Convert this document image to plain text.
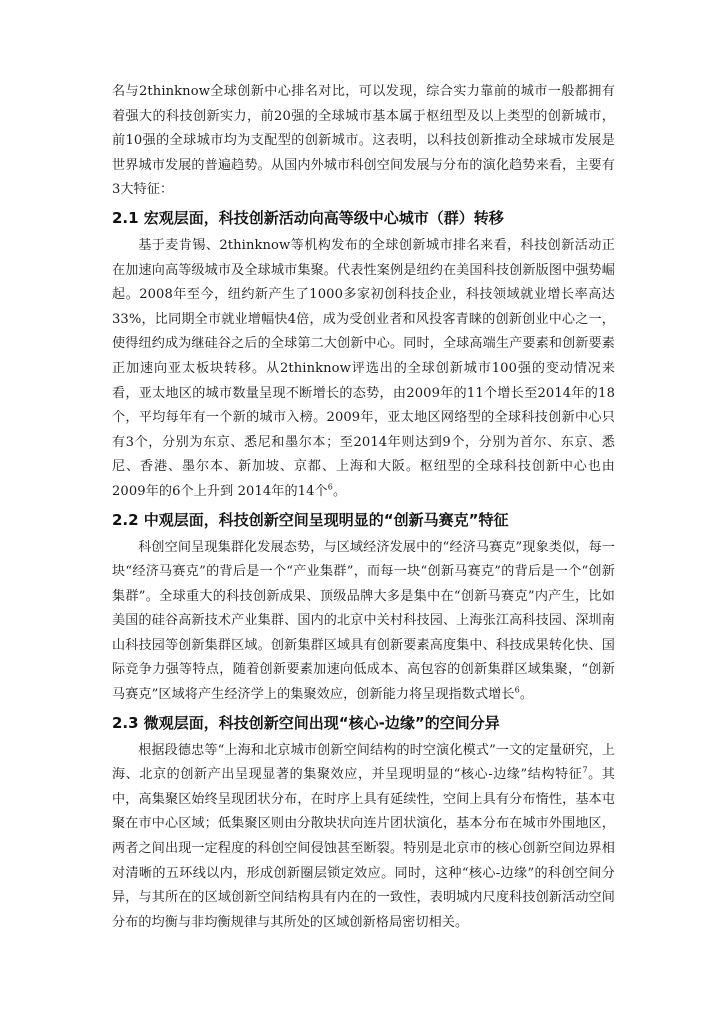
名与2thinknow全球创新中心排名对比，可以发现，综合实力靠前的城市一般都拥有着强大的科技创新实力，前20强的全球城市基本属于枢纽型及以上类型的创新城市，前10强的全球城市均为支配型的创新城市。这表明，以科技创新推动全球城市发展是世界城市发展的普遍趋势。从国内外城市科创空间发展与分布的演化趋势来看，主要有3大特征：

2.1 宏观层面，科技创新活动向高等级中心城市（群）转移

基于麦肯锡、2thinknow等机构发布的全球创新城市排名来看，科技创新活动正在加速向高等级城市及全球城市集聚。代表性案例是纽约在美国科技创新版图中强势崛起。2008年至今，纽约新产生了1000多家初创科技企业，科技领域就业增长率高达33%，比同期全市就业增幅快4倍，成为受创业者和风投客青睐的创新创业中心之一，使得纽约成为继硅谷之后的全球第二大创新中心。同时，全球高端生产要素和创新要素正加速向亚太板块转移。从2thinknow评选出的全球创新城市100强的变动情况来看，亚太地区的城市数量呈现不断增长的态势，由2009年的11个增长至2014年的18个，平均每年有一个新的城市入榜。2009年，亚太地区网络型的全球科技创新中心只有3个，分别为东京、悉尼和墨尔本；至2014年则达到9个，分别为首尔、东京、悉尼、香港、墨尔本、新加坡、京都、上海和大阪。枢纽型的全球科技创新中心也由2009年的6个上升到 2014年的14个$^6$。

2.2 中观层面，科技创新空间呈现明显的“创新马赛克”特征

科创空间呈现集群化发展态势，与区域经济发展中的“经济马赛克”现象类似，每一块“经济马赛克”的背后是一个“产业集群”，而每一块“创新马赛克”的背后是一个“创新集群”。全球重大的科技创新成果、顶级品牌大多是集中在“创新马赛克”内产生，比如美国的硅谷高新技术产业集群、国内的北京中关村科技园、上海张江高科技园、深圳南山科技园等创新集群区域。创新集群区域具有创新要素高度集中、科技成果转化快、国际竞争力强等特点，随着创新要素加速向低成本、高包容的创新集群区域集聚，“创新马赛克”区域将产生经济学上的集聚效应，创新能力将呈现指数式增长$^6$。

2.3 微观层面，科技创新空间出现“核心-边缘”的空间分异

根据段德忠等“上海和北京城市创新空间结构的时空演化模式”一文的定量研究，上海、北京的创新产出呈现显著的集聚效应，并呈现明显的“核心-边缘”结构特征$^7$。其中，高集聚区始终呈现团状分布，在时序上具有延续性，空间上具有分布惰性，基本屯聚在市中心区域；低集聚区则由分散块状向连片团状演化，基本分布在城市外围地区，两者之间出现一定程度的科创空间侵蚀甚至断裂。特别是北京市的核心创新空间边界相对清晰的五环线以内，形成创新圈层锁定效应。同时，这种“核心-边缘”的科创空间分异，与其所在的区域创新空间结构具有内在的一致性，表明城内尺度科技创新活动空间分布的均衡与非均衡规律与其所处的区域创新格局密切相关。
